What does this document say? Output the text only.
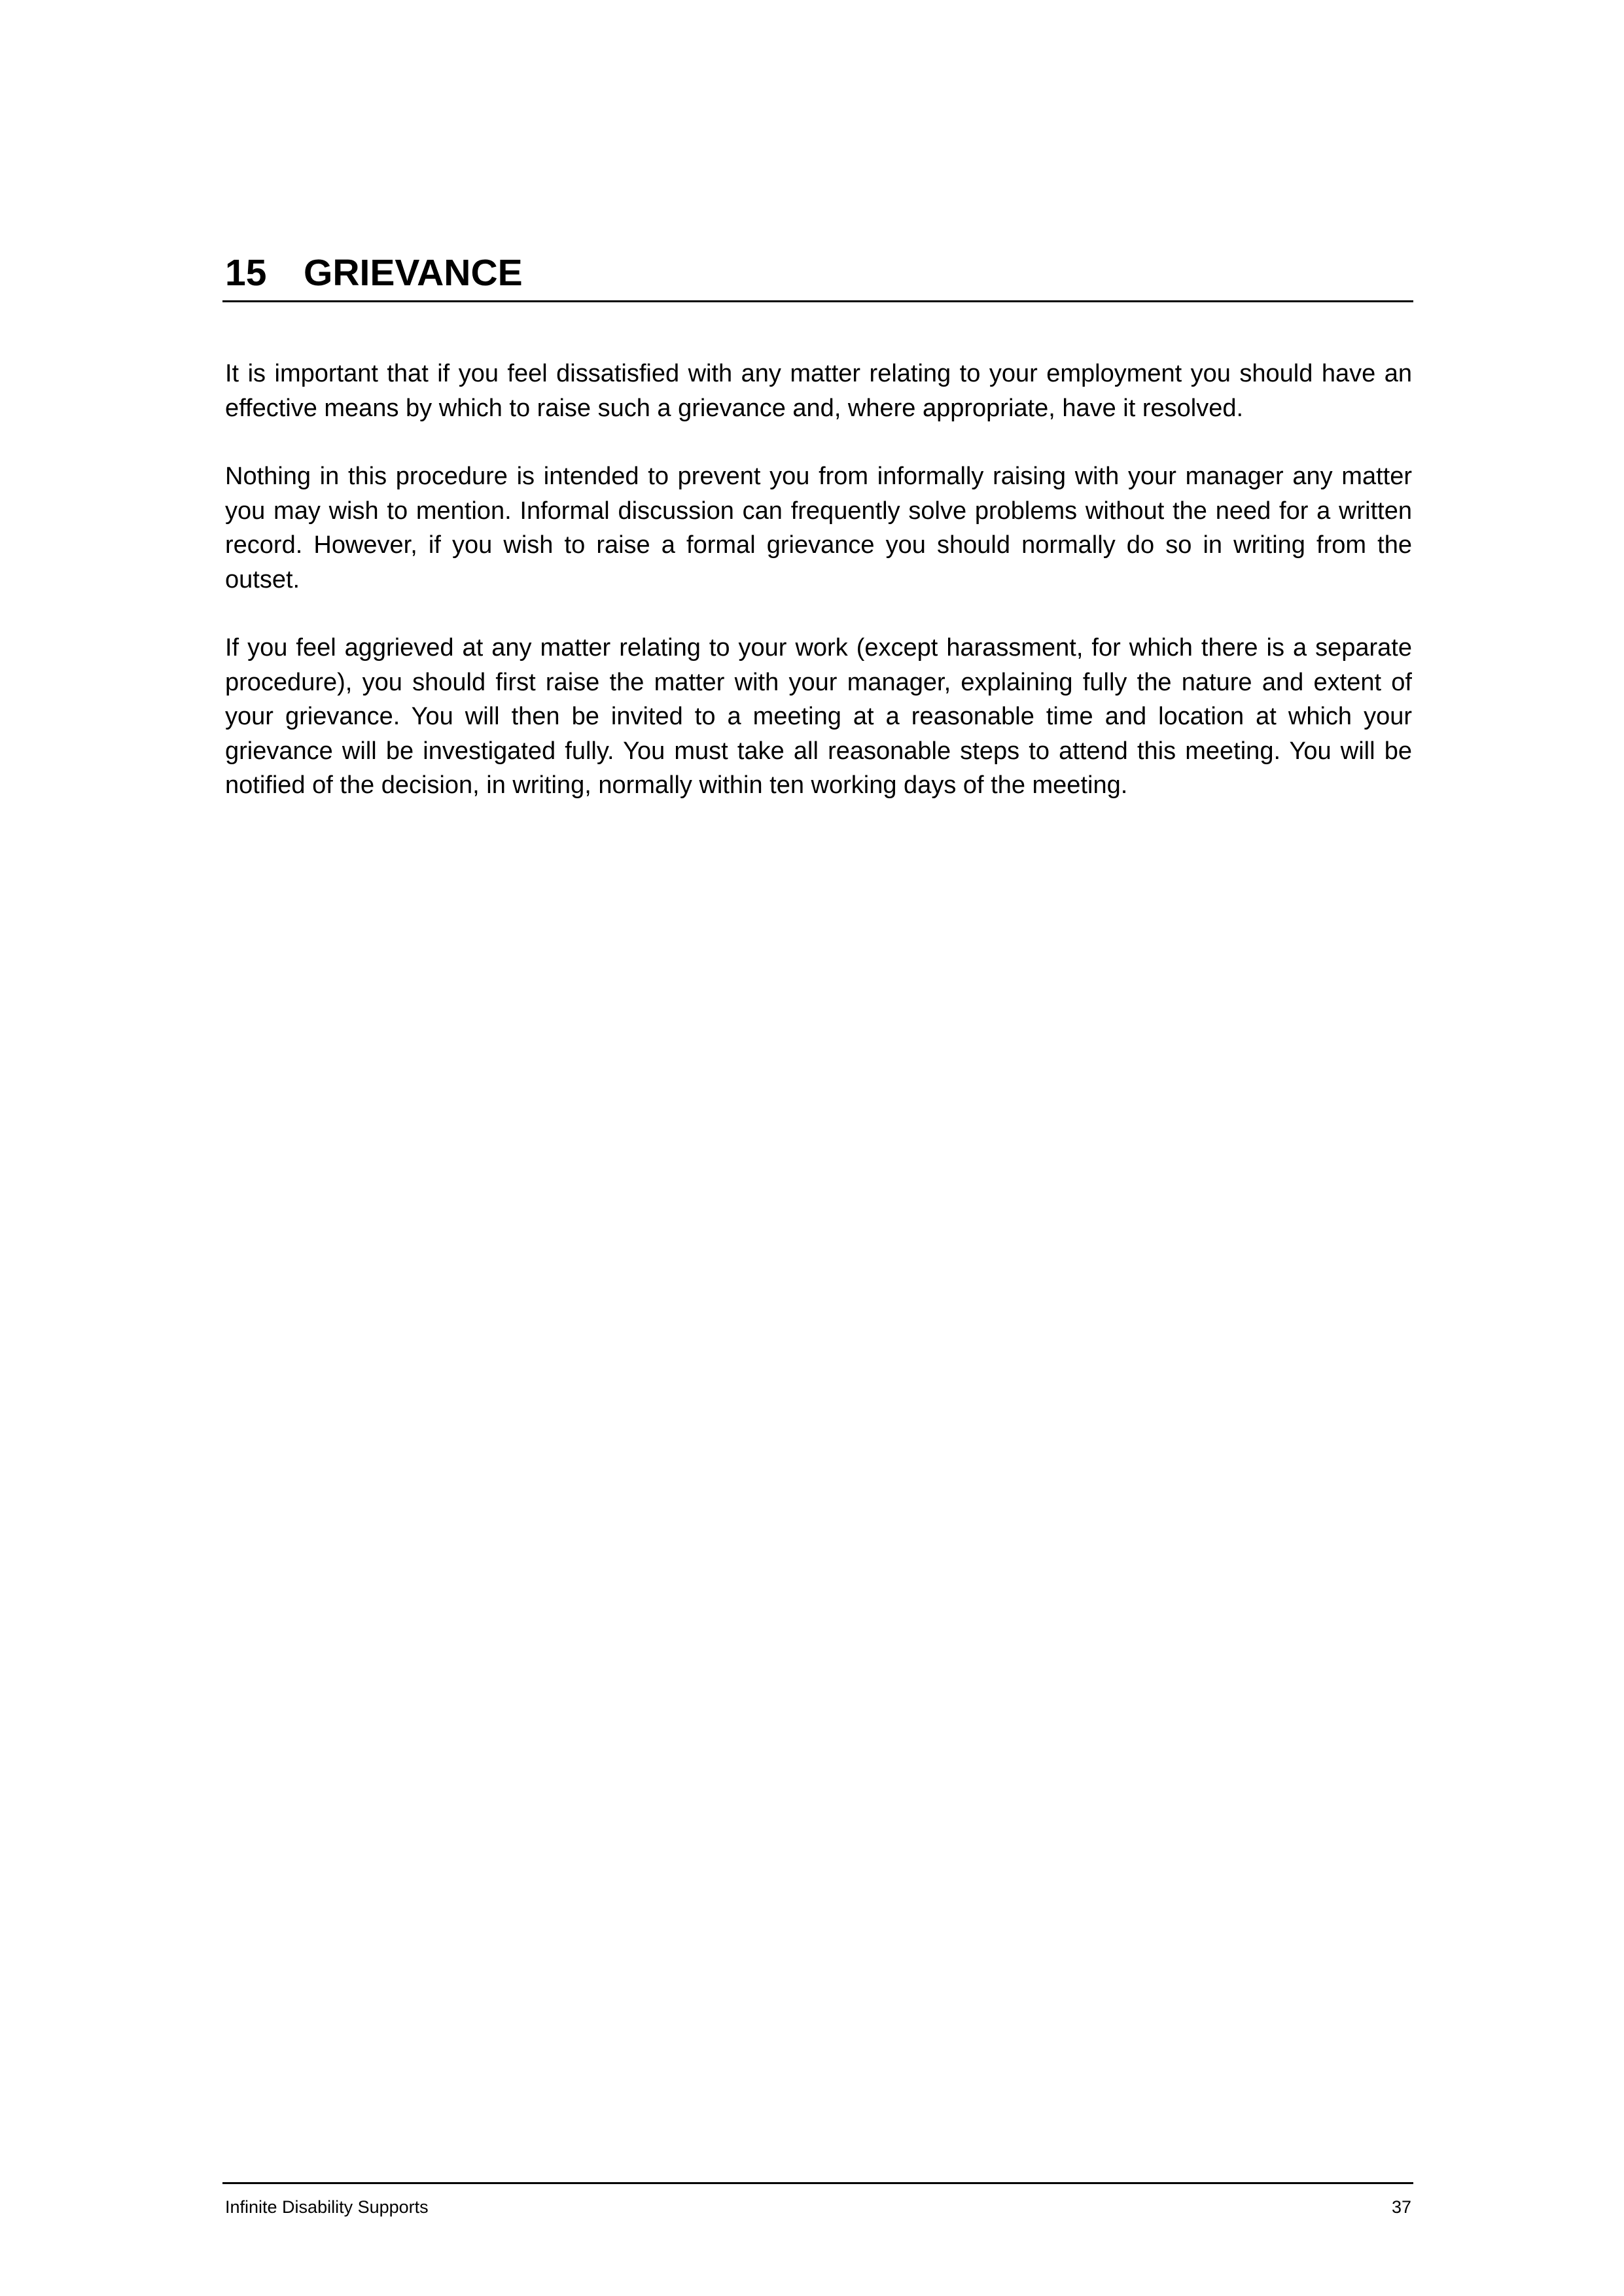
15 GRIEVANCE

It is important that if you feel dissatisfied with any matter relating to your employment you should have an effective means by which to raise such a grievance and, where appropriate, have it resolved.

Nothing in this procedure is intended to prevent you from informally raising with your manager any matter you may wish to mention. Informal discussion can frequently solve problems without the need for a written record. However, if you wish to raise a formal grievance you should normally do so in writing from the outset.

If you feel aggrieved at any matter relating to your work (except harassment, for which there is a separate procedure), you should first raise the matter with your manager, explaining fully the nature and extent of your grievance. You will then be invited to a meeting at a reasonable time and location at which your grievance will be investigated fully. You must take all reasonable steps to attend this meeting. You will be notified of the decision, in writing, normally within ten working days of the meeting.

Infinite Disability Supports	37
